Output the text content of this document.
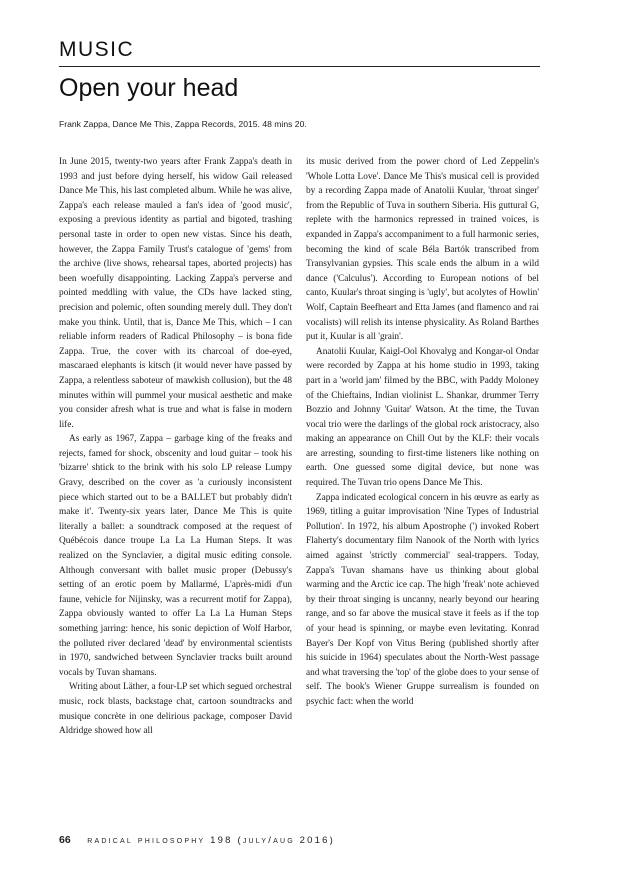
MUSIC
Open your head
Frank Zappa, Dance Me This, Zappa Records, 2015. 48 mins 20.

In June 2015, twenty-two years after Frank Zappa's death in 1993 and just before dying herself, his widow Gail released Dance Me This, his last completed album. While he was alive, Zappa's each release mauled a fan's idea of 'good music', exposing a previous identity as partial and bigoted, trashing personal taste in order to open new vistas. Since his death, however, the Zappa Family Trust's catalogue of 'gems' from the archive (live shows, rehearsal tapes, aborted projects) has been woefully disappointing. Lacking Zappa's perverse and pointed meddling with value, the CDs have lacked sting, precision and polemic, often sounding merely dull. They don't make you think. Until, that is, Dance Me This, which – I can reliable inform readers of Radical Philosophy – is bona fide Zappa. True, the cover with its charcoal of doe-eyed, mascaraed elephants is kitsch (it would never have passed by Zappa, a relentless saboteur of mawkish collusion), but the 48 minutes within will pummel your musical aesthetic and make you consider afresh what is true and what is false in modern life.

As early as 1967, Zappa – garbage king of the freaks and rejects, famed for shock, obscenity and loud guitar – took his 'bizarre' shtick to the brink with his solo LP release Lumpy Gravy, described on the cover as 'a curiously inconsistent piece which started out to be a BALLET but probably didn't make it'. Twenty-six years later, Dance Me This is quite literally a ballet: a soundtrack composed at the request of Québécois dance troupe La La La Human Steps. It was realized on the Synclavier, a digital music editing console. Although conversant with ballet music proper (Debussy's setting of an erotic poem by Mallarmé, L'après-midi d'un faune, vehicle for Nijinsky, was a recurrent motif for Zappa), Zappa obviously wanted to offer La La La Human Steps something jarring: hence, his sonic depiction of Wolf Harbor, the polluted river declared 'dead' by environmental scientists in 1970, sandwiched between Synclavier tracks built around vocals by Tuvan shamans.

Writing about Läther, a four-LP set which segued orchestral music, rock blasts, backstage chat, cartoon soundtracks and musique concrète in one delirious package, composer David Aldridge showed how all

its music derived from the power chord of Led Zeppelin's 'Whole Lotta Love'. Dance Me This's musical cell is provided by a recording Zappa made of Anatolii Kuular, 'throat singer' from the Republic of Tuva in southern Siberia. His guttural G, replete with the harmonics repressed in trained voices, is expanded in Zappa's accompaniment to a full harmonic series, becoming the kind of scale Béla Bartók transcribed from Transylvanian gypsies. This scale ends the album in a wild dance ('Calculus'). According to European notions of bel canto, Kuular's throat singing is 'ugly', but acolytes of Howlin' Wolf, Captain Beefheart and Etta James (and flamenco and rai vocalists) will relish its intense physicality. As Roland Barthes put it, Kuular is all 'grain'.

Anatolii Kuular, Kaigl-Ool Khovalyg and Kongar-ol Ondar were recorded by Zappa at his home studio in 1993, taking part in a 'world jam' filmed by the BBC, with Paddy Moloney of the Chieftains, Indian violinist L. Shankar, drummer Terry Bozzio and Johnny 'Guitar' Watson. At the time, the Tuvan vocal trio were the darlings of the global rock aristocracy, also making an appearance on Chill Out by the KLF: their vocals are arresting, sounding to first-time listeners like nothing on earth. One guessed some digital device, but none was required. The Tuvan trio opens Dance Me This.

Zappa indicated ecological concern in his œuvre as early as 1969, titling a guitar improvisation 'Nine Types of Industrial Pollution'. In 1972, his album Apostrophe (') invoked Robert Flaherty's documentary film Nanook of the North with lyrics aimed against 'strictly commercial' seal-trappers. Today, Zappa's Tuvan shamans have us thinking about global warming and the Arctic ice cap. The high 'freak' note achieved by their throat singing is uncanny, nearly beyond our hearing range, and so far above the musical stave it feels as if the top of your head is spinning, or maybe even levitating. Konrad Bayer's Der Kopf von Vitus Bering (published shortly after his suicide in 1964) speculates about the North-West passage and what traversing the 'top' of the globe does to your sense of self. The book's Wiener Gruppe surrealism is founded on psychic fact: when the world

66 radical philosophy 198 (july/aug 2016)
